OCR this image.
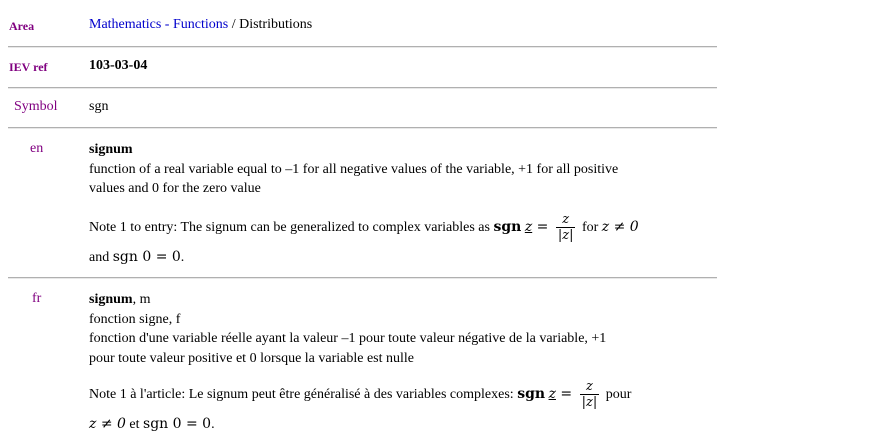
Area	Mathematics - Functions / Distributions
IEV ref	103-03-04
Symbol sgn
en	signum
function of a real variable equal to –1 for all negative values of the variable, +1 for all positive
values and 0 for the zero value
Note 1 to entry: The signum can be generalized to complex variables as sgn $z = \frac{z}{|z|}$ for z ≠ 0
and sgn 0 = 0.
fr	signum, m
fonction signe, f
fonction d'une variable réelle ayant la valeur –1 pour toute valeur négative de la variable, +1
pour toute valeur positive et 0 lorsque la variable est nulle
Note 1 à l'article: Le signum peut être généralisé à des variables complexes: sgn $z = \frac{z}{|z|}$ pour
z ≠ 0 et sgn 0 = 0.
